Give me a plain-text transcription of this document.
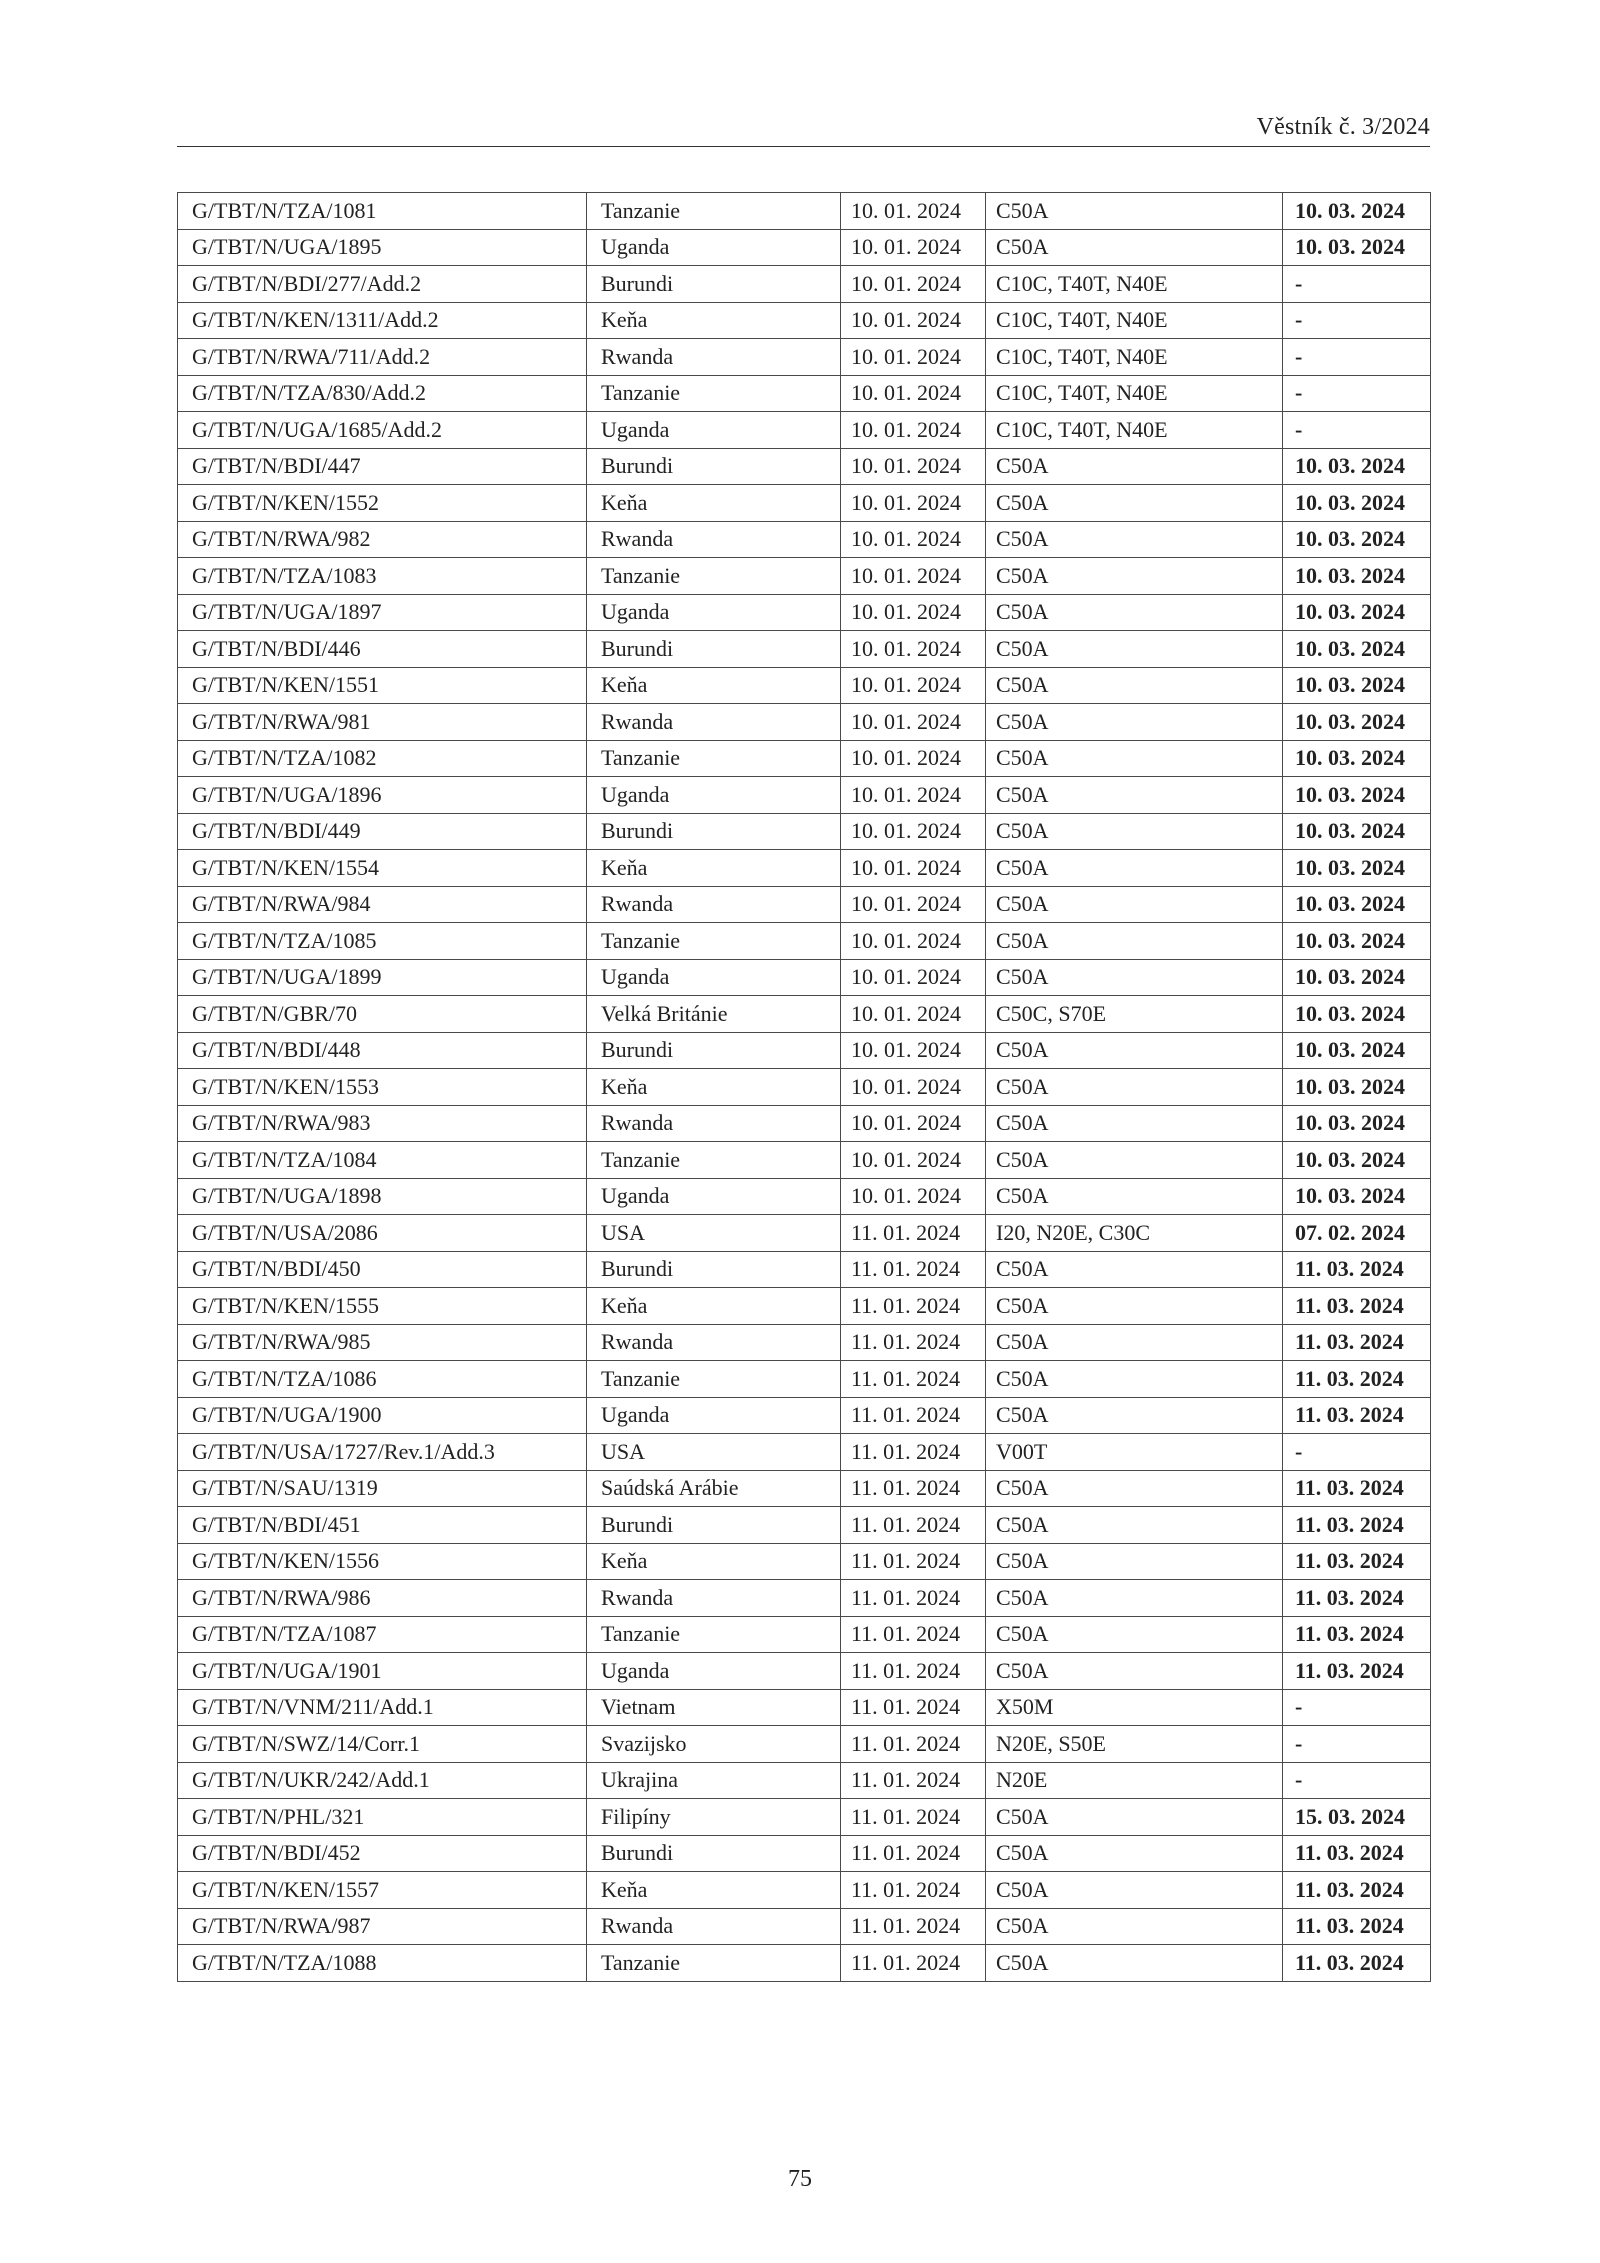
Věstník č. 3/2024
G/TBT/N/TZA/1081	Tanzanie	10. 01. 2024	C50A	10. 03. 2024
G/TBT/N/UGA/1895	Uganda	10. 01. 2024	C50A	10. 03. 2024
G/TBT/N/BDI/277/Add.2	Burundi	10. 01. 2024	C10C, T40T, N40E	-
G/TBT/N/KEN/1311/Add.2	Keňa	10. 01. 2024	C10C, T40T, N40E	-
G/TBT/N/RWA/711/Add.2	Rwanda	10. 01. 2024	C10C, T40T, N40E	-
G/TBT/N/TZA/830/Add.2	Tanzanie	10. 01. 2024	C10C, T40T, N40E	-
G/TBT/N/UGA/1685/Add.2	Uganda	10. 01. 2024	C10C, T40T, N40E	-
G/TBT/N/BDI/447	Burundi	10. 01. 2024	C50A	10. 03. 2024
G/TBT/N/KEN/1552	Keňa	10. 01. 2024	C50A	10. 03. 2024
G/TBT/N/RWA/982	Rwanda	10. 01. 2024	C50A	10. 03. 2024
G/TBT/N/TZA/1083	Tanzanie	10. 01. 2024	C50A	10. 03. 2024
G/TBT/N/UGA/1897	Uganda	10. 01. 2024	C50A	10. 03. 2024
G/TBT/N/BDI/446	Burundi	10. 01. 2024	C50A	10. 03. 2024
G/TBT/N/KEN/1551	Keňa	10. 01. 2024	C50A	10. 03. 2024
G/TBT/N/RWA/981	Rwanda	10. 01. 2024	C50A	10. 03. 2024
G/TBT/N/TZA/1082	Tanzanie	10. 01. 2024	C50A	10. 03. 2024
G/TBT/N/UGA/1896	Uganda	10. 01. 2024	C50A	10. 03. 2024
G/TBT/N/BDI/449	Burundi	10. 01. 2024	C50A	10. 03. 2024
G/TBT/N/KEN/1554	Keňa	10. 01. 2024	C50A	10. 03. 2024
G/TBT/N/RWA/984	Rwanda	10. 01. 2024	C50A	10. 03. 2024
G/TBT/N/TZA/1085	Tanzanie	10. 01. 2024	C50A	10. 03. 2024
G/TBT/N/UGA/1899	Uganda	10. 01. 2024	C50A	10. 03. 2024
G/TBT/N/GBR/70	Velká Británie	10. 01. 2024	C50C, S70E	10. 03. 2024
G/TBT/N/BDI/448	Burundi	10. 01. 2024	C50A	10. 03. 2024
G/TBT/N/KEN/1553	Keňa	10. 01. 2024	C50A	10. 03. 2024
G/TBT/N/RWA/983	Rwanda	10. 01. 2024	C50A	10. 03. 2024
G/TBT/N/TZA/1084	Tanzanie	10. 01. 2024	C50A	10. 03. 2024
G/TBT/N/UGA/1898	Uganda	10. 01. 2024	C50A	10. 03. 2024
G/TBT/N/USA/2086	USA	11. 01. 2024	I20, N20E, C30C	07. 02. 2024
G/TBT/N/BDI/450	Burundi	11. 01. 2024	C50A	11. 03. 2024
G/TBT/N/KEN/1555	Keňa	11. 01. 2024	C50A	11. 03. 2024
G/TBT/N/RWA/985	Rwanda	11. 01. 2024	C50A	11. 03. 2024
G/TBT/N/TZA/1086	Tanzanie	11. 01. 2024	C50A	11. 03. 2024
G/TBT/N/UGA/1900	Uganda	11. 01. 2024	C50A	11. 03. 2024
G/TBT/N/USA/1727/Rev.1/Add.3	USA	11. 01. 2024	V00T	-
G/TBT/N/SAU/1319	Saúdská Arábie	11. 01. 2024	C50A	11. 03. 2024
G/TBT/N/BDI/451	Burundi	11. 01. 2024	C50A	11. 03. 2024
G/TBT/N/KEN/1556	Keňa	11. 01. 2024	C50A	11. 03. 2024
G/TBT/N/RWA/986	Rwanda	11. 01. 2024	C50A	11. 03. 2024
G/TBT/N/TZA/1087	Tanzanie	11. 01. 2024	C50A	11. 03. 2024
G/TBT/N/UGA/1901	Uganda	11. 01. 2024	C50A	11. 03. 2024
G/TBT/N/VNM/211/Add.1	Vietnam	11. 01. 2024	X50M	-
G/TBT/N/SWZ/14/Corr.1	Svazijsko	11. 01. 2024	N20E, S50E	-
G/TBT/N/UKR/242/Add.1	Ukrajina	11. 01. 2024	N20E	-
G/TBT/N/PHL/321	Filipíny	11. 01. 2024	C50A	15. 03. 2024
G/TBT/N/BDI/452	Burundi	11. 01. 2024	C50A	11. 03. 2024
G/TBT/N/KEN/1557	Keňa	11. 01. 2024	C50A	11. 03. 2024
G/TBT/N/RWA/987	Rwanda	11. 01. 2024	C50A	11. 03. 2024
G/TBT/N/TZA/1088	Tanzanie	11. 01. 2024	C50A	11. 03. 2024
75
